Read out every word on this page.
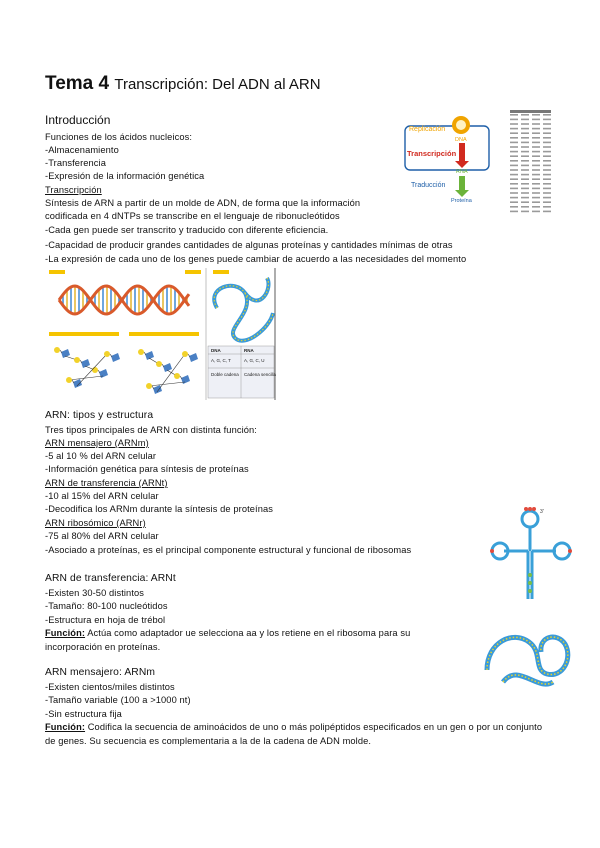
Tema 4 Transcripción: Del ADN al ARN
Introducción
Funciones de los ácidos nucleicos:
-Almacenamiento
-Transferencia
-Expresión de la información genética
Transcripción
Síntesis de ARN a partir de un molde de ADN, de forma que la información
codificada en 4 dNTPs se transcribe en el lenguaje de ribonucleótidos
-Cada gen puede ser transcrito y traducido con diferente eficiencia.
-Capacidad de producir grandes cantidades de algunas proteínas y cantidades mínimas de otras
-La expresión de cada uno de los genes puede cambiar de acuerdo a las necesidades del momento
Replicación
DNA
Transcripción
RNA
Traducción
Proteína
DNA	RNA
A, G, C, T	A, G, C, U
Doble cadena Cadena sencilla
ARN: tipos y estructura
Tres tipos principales de ARN con distinta función:
ARN mensajero (ARNm)
-5 al 10 % del ARN celular
-Información genética para síntesis de proteínas
ARN de transferencia (ARNt)
-10 al 15% del ARN celular
-Decodifica los ARNm durante la síntesis de proteínas
ARN ribosómico (ARNr)
-75 al 80% del ARN celular
-Asociado a proteínas, es el principal componente estructural y funcional de ribosomas
3'
ARN de transferencia: ARNt
-Existen 30-50 distintos
-Tamaño: 80-100 nucleótidos
-Estructura en hoja de trébol
Función: Actúa como adaptador ue selecciona aa y los retiene en el ribosoma para su
incorporación en proteínas.
ARN mensajero: ARNm
-Existen cientos/miles distintos
-Tamaño variable (100 a >1000 nt)
-Sin estructura fija
Función: Codifica la secuencia de aminoácidos de uno o más polipéptidos especificados en un gen o por un conjunto
de genes. Su secuencia es complementaria a la de la cadena de ADN molde.
